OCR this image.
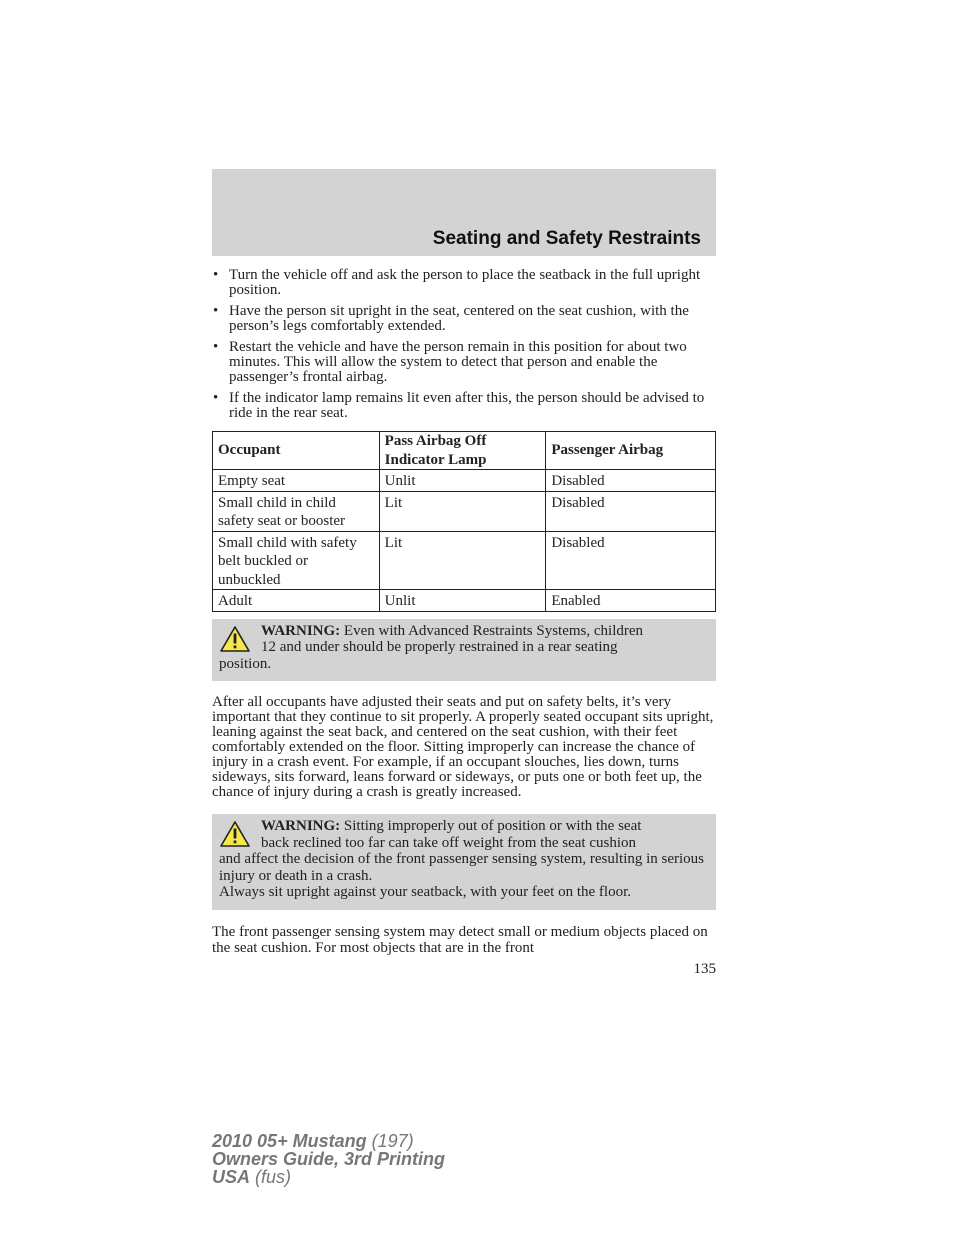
Seating and Safety Restraints
• Turn the vehicle off and ask the person to place the seatback in the full upright position.
• Have the person sit upright in the seat, centered on the seat cushion, with the person’s legs comfortably extended.
• Restart the vehicle and have the person remain in this position for about two minutes. This will allow the system to detect that person and enable the passenger’s frontal airbag.
• If the indicator lamp remains lit even after this, the person should be advised to ride in the rear seat.
Occupant	Pass Airbag Off Indicator Lamp	Passenger Airbag
Empty seat	Unlit	Disabled
Small child in child safety seat or booster	Lit	Disabled
Small child with safety belt buckled or unbuckled	Lit	Disabled
Adult	Unlit	Enabled
WARNING: Even with Advanced Restraints Systems, children
12 and under should be properly restrained in a rear seating
position.

After all occupants have adjusted their seats and put on safety belts, it’s very important that they continue to sit properly. A properly seated occupant sits upright, leaning against the seat back, and centered on the seat cushion, with their feet comfortably extended on the floor. Sitting improperly can increase the chance of injury in a crash event. For example, if an occupant slouches, lies down, turns sideways, sits forward, leans forward or sideways, or puts one or both feet up, the chance of injury during a crash is greatly increased.

WARNING: Sitting improperly out of position or with the seat
back reclined too far can take off weight from the seat cushion
and affect the decision of the front passenger sensing system, resulting in serious injury or death in a crash.
Always sit upright against your seatback, with your feet on the floor.

The front passenger sensing system may detect small or medium objects placed on the seat cushion. For most objects that are in the front

135
2010 05+ Mustang (197)
Owners Guide, 3rd Printing
USA (fus)
